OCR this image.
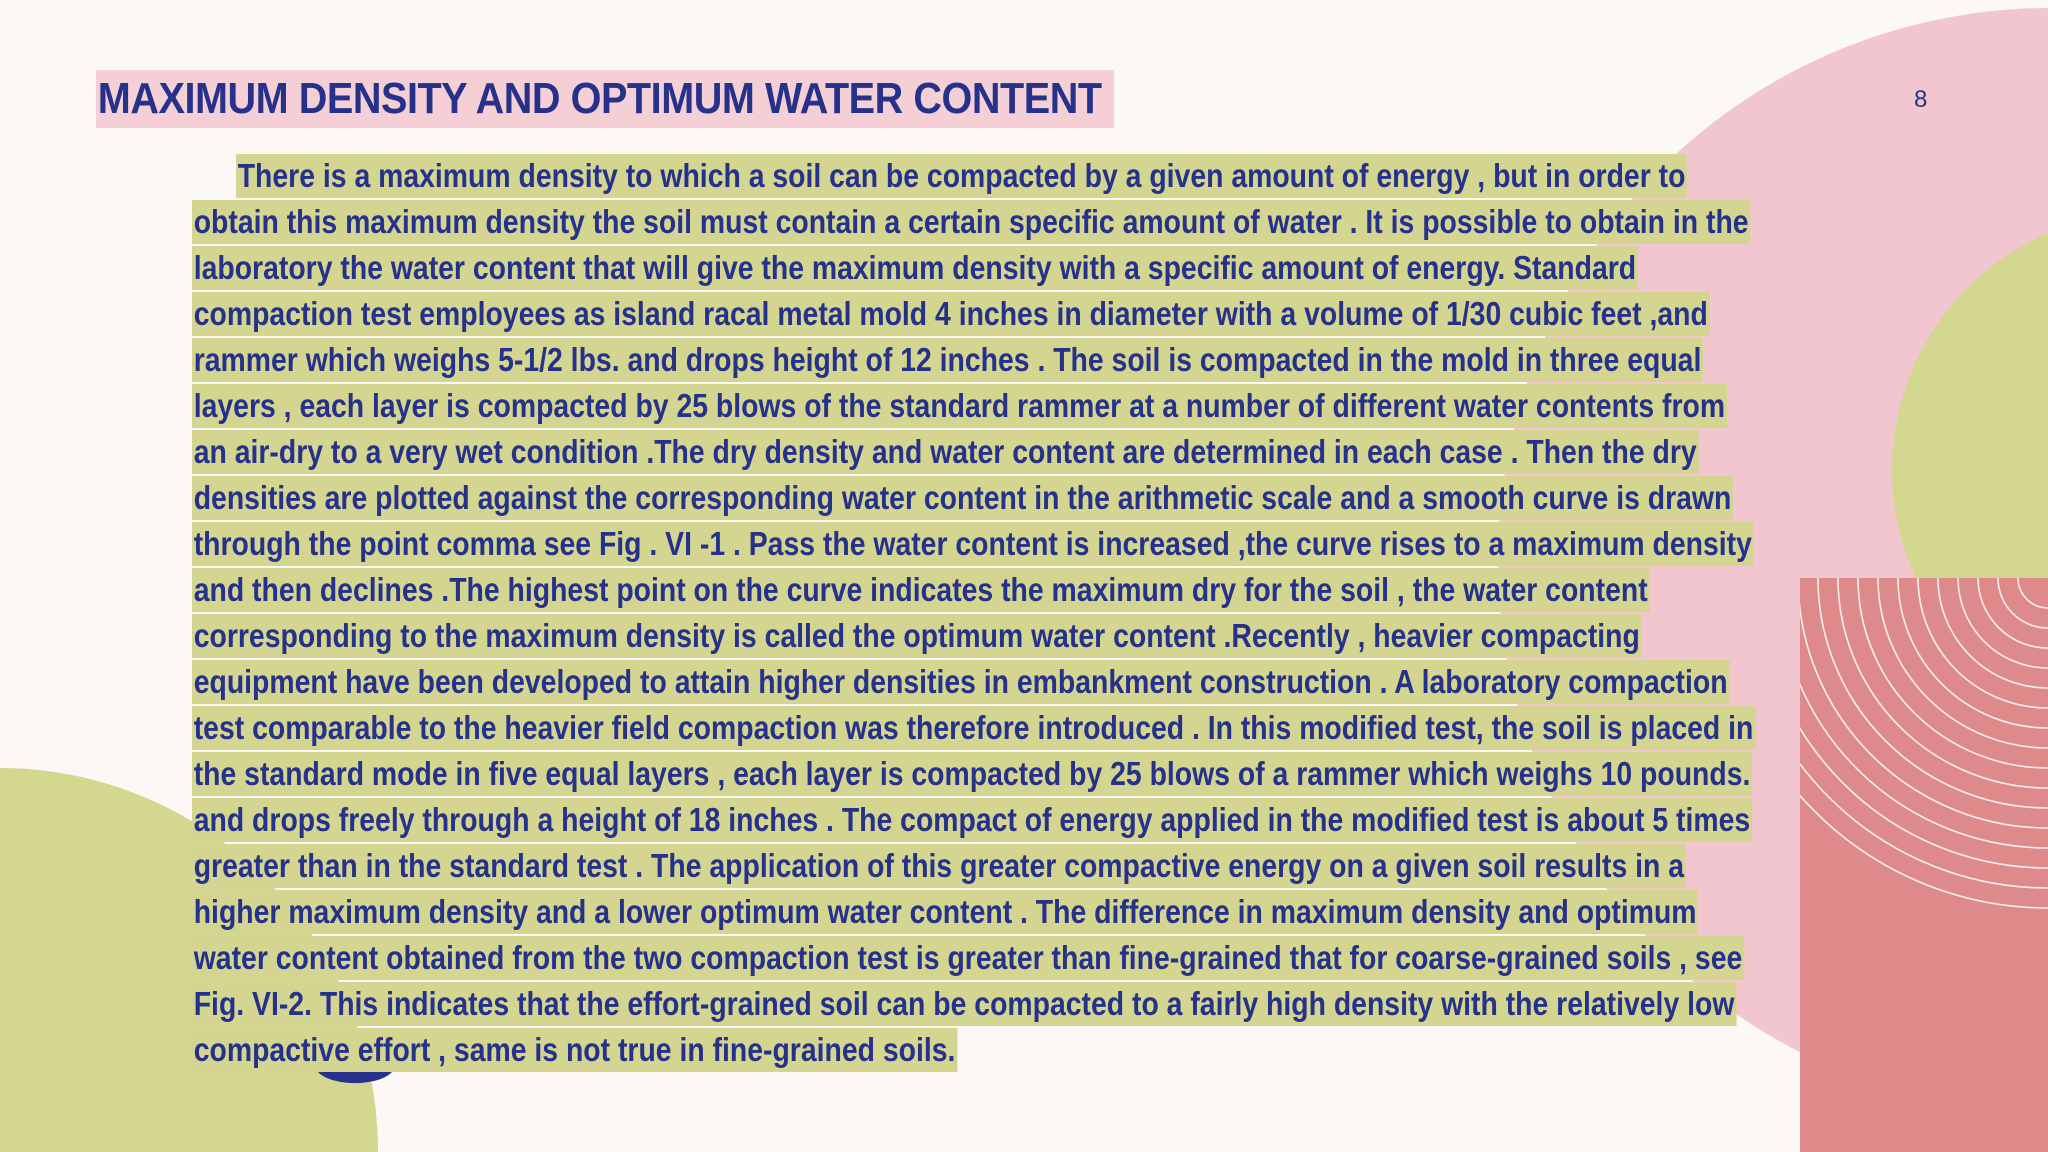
MAXIMUM DENSITY AND OPTIMUM WATER CONTENT	8
There is a maximum density to which a soil can be compacted by a given amount of energy , but in order to
obtain this maximum density the soil must contain a certain specific amount of water . It is possible to obtain in the
laboratory the water content that will give the maximum density with a specific amount of energy. Standard
compaction test employees as island racal metal mold 4 inches in diameter with a volume of 1/30 cubic feet ,and
rammer which weighs 5-1/2 lbs. and drops height of 12 inches . The soil is compacted in the mold in three equal
layers , each layer is compacted by 25 blows of the standard rammer at a number of different water contents from
an air-dry to a very wet condition .The dry density and water content are determined in each case . Then the dry
densities are plotted against the corresponding water content in the arithmetic scale and a smooth curve is drawn
through the point comma see Fig . VI -1 . Pass the water content is increased ,the curve rises to a maximum density
and then declines .The highest point on the curve indicates the maximum dry for the soil , the water content
corresponding to the maximum density is called the optimum water content .Recently , heavier compacting
equipment have been developed to attain higher densities in embankment construction . A laboratory compaction
test comparable to the heavier field compaction was therefore introduced . In this modified test, the soil is placed in
the standard mode in five equal layers , each layer is compacted by 25 blows of a rammer which weighs 10 pounds.
and drops freely through a height of 18 inches . The compact of energy applied in the modified test is about 5 times
greater than in the standard test . The application of this greater compactive energy on a given soil results in a
higher maximum density and a lower optimum water content . The difference in maximum density and optimum
water content obtained from the two compaction test is greater than fine-grained that for coarse-grained soils , see
Fig. VI-2. This indicates that the effort-grained soil can be compacted to a fairly high density with the relatively low
compactive effort , same is not true in fine-grained soils.
